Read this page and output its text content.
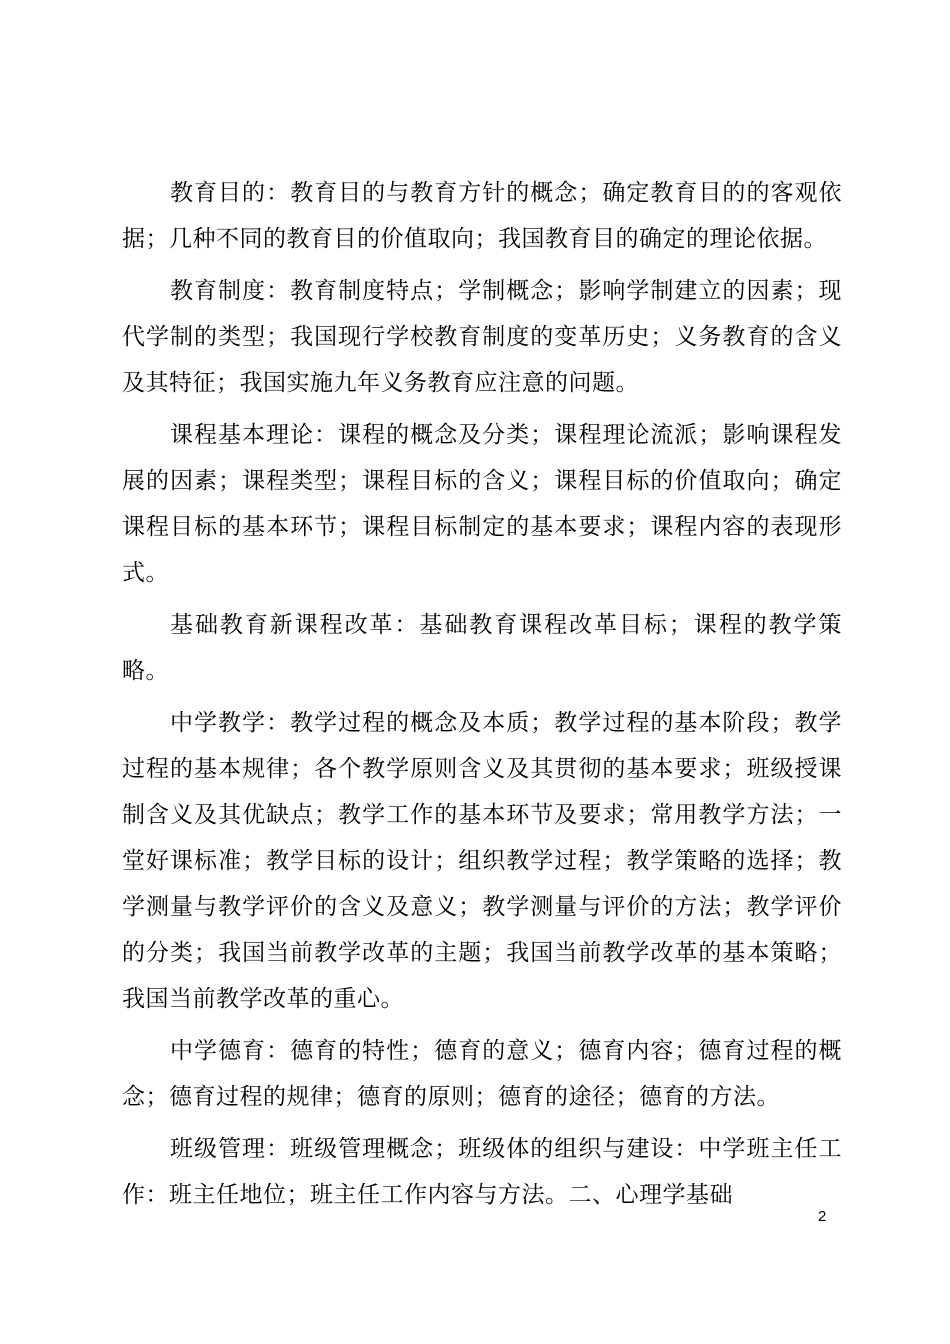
教育目的：教育目的与教育方针的概念；确定教育目的的客观依据；几种不同的教育目的价值取向；我国教育目的确定的理论依据。

教育制度：教育制度特点；学制概念；影响学制建立的因素；现代学制的类型；我国现行学校教育制度的变革历史；义务教育的含义及其特征；我国实施九年义务教育应注意的问题。

课程基本理论：课程的概念及分类；课程理论流派；影响课程发展的因素；课程类型；课程目标的含义；课程目标的价值取向；确定课程目标的基本环节；课程目标制定的基本要求；课程内容的表现形式。

基础教育新课程改革：基础教育课程改革目标；课程的教学策略。

中学教学：教学过程的概念及本质；教学过程的基本阶段；教学过程的基本规律；各个教学原则含义及其贯彻的基本要求；班级授课制含义及其优缺点；教学工作的基本环节及要求；常用教学方法；一堂好课标准；教学目标的设计；组织教学过程；教学策略的选择；教学测量与教学评价的含义及意义；教学测量与评价的方法；教学评价的分类；我国当前教学改革的主题；我国当前教学改革的基本策略；我国当前教学改革的重心。

中学德育：德育的特性；德育的意义；德育内容；德育过程的概念；德育过程的规律；德育的原则；德育的途径；德育的方法。

班级管理：班级管理概念；班级体的组织与建设：中学班主任工作：班主任地位；班主任工作内容与方法。二、心理学基础

2
